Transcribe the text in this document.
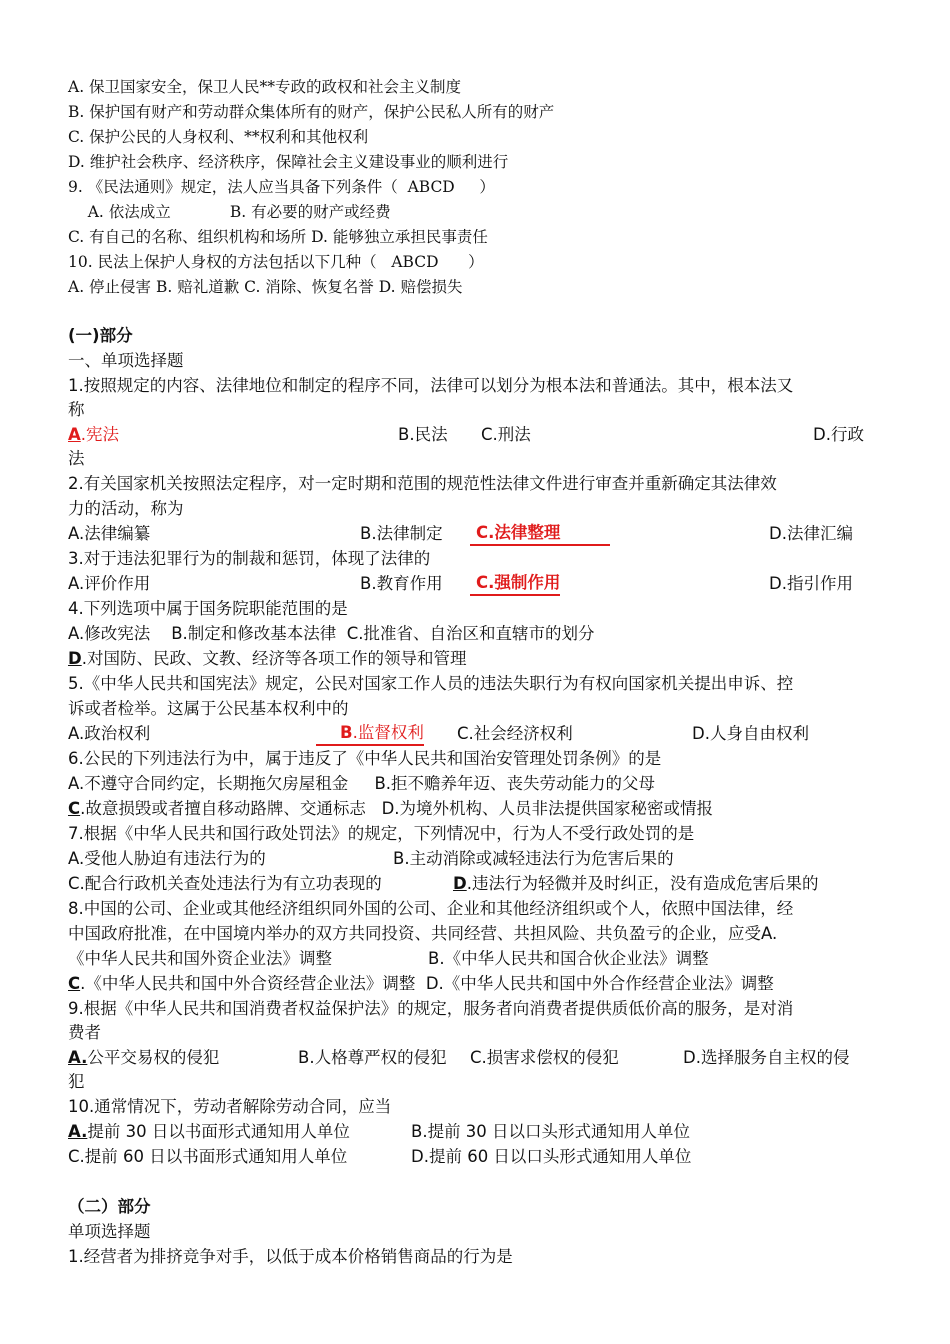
A. 保卫国家安全，保卫人民**专政的政权和社会主义制度
B. 保护国有财产和劳动群众集体所有的财产，保护公民私人所有的财产
C. 保护公民的人身权利、**权利和其他权利
D. 维护社会秩序、经济秩序，保障社会主义建设事业的顺利进行
9. 《民法通则》规定，法人应当具备下列条件（  ABCD     ）
A. 依法成立            B. 有必要的财产或经费
C. 有自己的名称、组织机构和场所 D. 能够独立承担民事责任
10. 民法上保护人身权的方法包括以下几种（   ABCD      ）
A. 停止侵害 B. 赔礼道歉 C. 消除、恢复名誉 D. 赔偿损失
(一)部分
一、单项选择题
1.按照规定的内容、法律地位和制定的程序不同，法律可以划分为根本法和普通法。其中，根本法又
称
A.宪法	B.民法 C.刑法	D.行政
法
2.有关国家机关按照法定程序，对一定时期和范围的规范性法律文件进行审查并重新确定其法律效
力的活动，称为
A.法律编纂	B.法律制定	C.法律整理	D.法律汇编
3.对于违法犯罪行为的制裁和惩罚，体现了法律的
A.评价作用	B.教育作用	C.强制作用	D.指引作用
4.下列选项中属于国务院职能范围的是
A.修改宪法    B.制定和修改基本法律  C.批准省、自治区和直辖市的划分
D.对国防、民政、文教、经济等各项工作的领导和管理
5.《中华人民共和国宪法》规定，公民对国家工作人员的违法失职行为有权向国家机关提出申诉、控
诉或者检举。这属于公民基本权利中的
A.政治权利	B.监督权利 C.社会经济权利	D.人身自由权利
6.公民的下列违法行为中，属于违反了《中华人民共和国治安管理处罚条例》的是
A.不遵守合同约定，长期拖欠房屋租金     B.拒不赡养年迈、丧失劳动能力的父母
C.故意损毁或者擅自移动路牌、交通标志   D.为境外机构、人员非法提供国家秘密或情报
7.根据《中华人民共和国行政处罚法》的规定，下列情况中，行为人不受行政处罚的是
A.受他人胁迫有违法行为的	B.主动消除或减轻违法行为危害后果的
C.配合行政机关查处违法行为有立功表现的	D.违法行为轻微并及时纠正，没有造成危害后果的
8.中国的公司、企业或其他经济组织同外国的公司、企业和其他经济组织或个人，依照中国法律，经
中国政府批准，在中国境内举办的双方共同投资、共同经营、共担风险、共负盈亏的企业，应受A.
《中华人民共和国外资企业法》调整	B.《中华人民共和国合伙企业法》调整
C.《中华人民共和国中外合资经营企业法》调整  D.《中华人民共和国中外合作经营企业法》调整
9.根据《中华人民共和国消费者权益保护法》的规定，服务者向消费者提供质低价高的服务，是对消
费者
A.公平交易权的侵犯	B.人格尊严权的侵犯 C.损害求偿权的侵犯	D.选择服务自主权的侵
犯
10.通常情况下，劳动者解除劳动合同，应当
A.提前 30 日以书面形式通知用人单位	B.提前 30 日以口头形式通知用人单位
C.提前 60 日以书面形式通知用人单位	D.提前 60 日以口头形式通知用人单位
（二）部分
单项选择题
1.经营者为排挤竞争对手，以低于成本价格销售商品的行为是
